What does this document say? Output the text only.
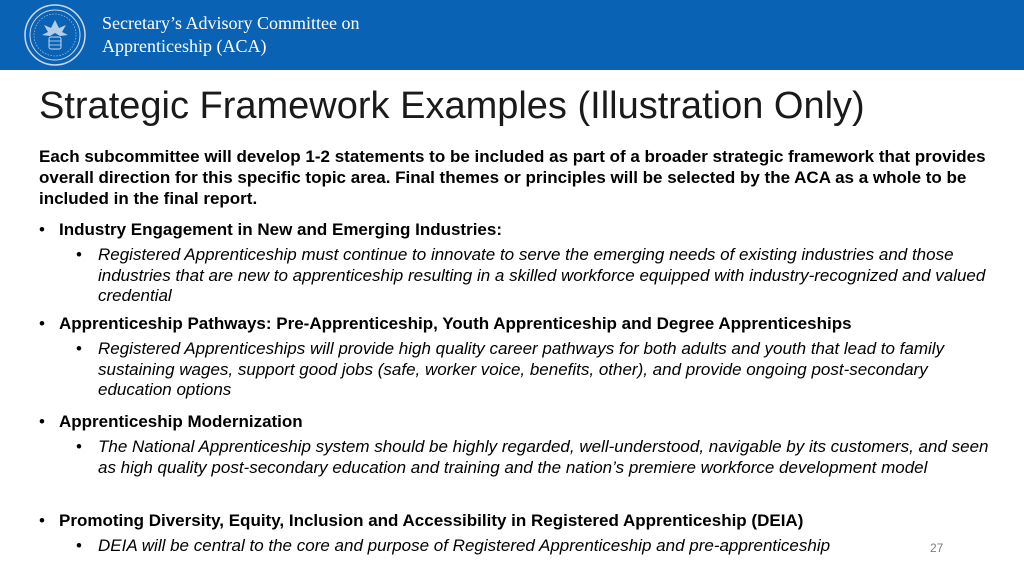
Secretary’s Advisory Committee on
Apprenticeship (ACA)
Strategic Framework Examples (Illustration Only)

Each subcommittee will develop 1-2 statements to be included as part of a broader strategic framework that provides overall direction for this specific topic area. Final themes or principles will be selected by the ACA as a whole to be included in the final report.

• Industry Engagement in New and Emerging Industries:
• Registered Apprenticeship must continue to innovate to serve the emerging needs of existing industries and those industries that are new to apprenticeship resulting in a skilled workforce equipped with industry-recognized and valued credential
• Apprenticeship Pathways: Pre-Apprenticeship, Youth Apprenticeship and Degree Apprenticeships
• Registered Apprenticeships will provide high quality career pathways for both adults and youth that lead to family sustaining wages, support good jobs (safe, worker voice, benefits, other), and provide ongoing post-secondary education options
• Apprenticeship Modernization
• The National Apprenticeship system should be highly regarded, well-understood, navigable by its customers, and seen as high quality post-secondary education and training and the nation’s premiere workforce development model
• Promoting Diversity, Equity, Inclusion and Accessibility in Registered Apprenticeship (DEIA)
• DEIA will be central to the core and purpose of Registered Apprenticeship and pre-apprenticeship	27
